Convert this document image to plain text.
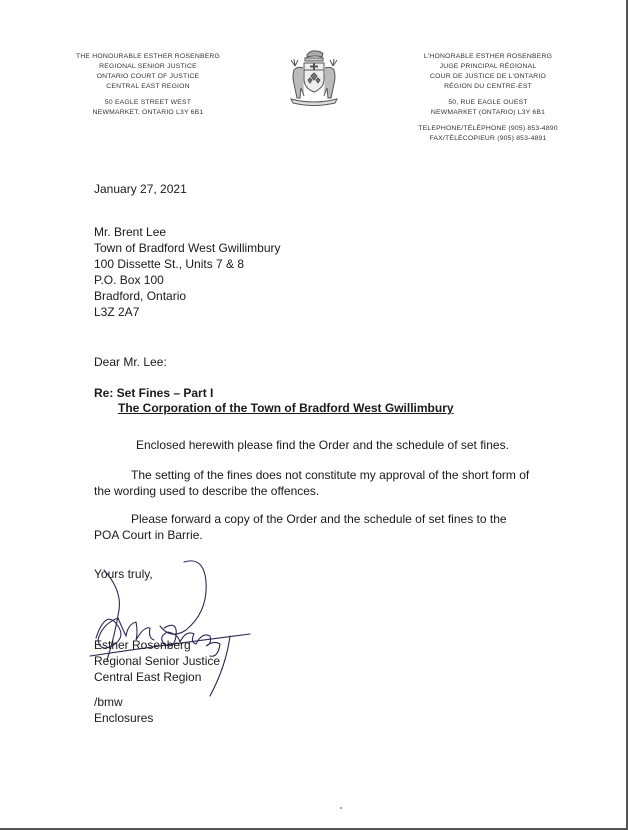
THE HONOURABLE ESTHER ROSENBERG
REGIONAL SENIOR JUSTICE
ONTARIO COURT OF JUSTICE
CENTRAL EAST REGION
50 EAGLE STREET WEST
NEWMARKET, ONTARIO L3Y 6B1
L'HONORABLE ESTHER ROSENBERG
JUGE PRINCIPAL RÉGIONAL
COUR DE JUSTICE DE L'ONTARIO
RÉGION DU CENTRE-EST
50, RUE EAGLE OUEST
NEWMARKET (ONTARIO) L3Y 6B1
TELEPHONE/TÉLÉPHONE (905) 853-4890
FAX/TÉLÉCOPIEUR (905) 853-4891
January 27, 2021
Mr. Brent Lee
Town of Bradford West Gwillimbury
100 Dissette St., Units 7 & 8
P.O. Box 100
Bradford, Ontario
L3Z 2A7
Dear Mr. Lee:
Re: Set Fines – Part I
The Corporation of the Town of Bradford West Gwillimbury
Enclosed herewith please find the Order and the schedule of set fines.
The setting of the fines does not constitute my approval of the short form of the wording used to describe the offences.
Please forward a copy of the Order and the schedule of set fines to the POA Court in Barrie.
Yours truly,
Esther Rosenberg
Regional Senior Justice
Central East Region
/bmw
Enclosures
